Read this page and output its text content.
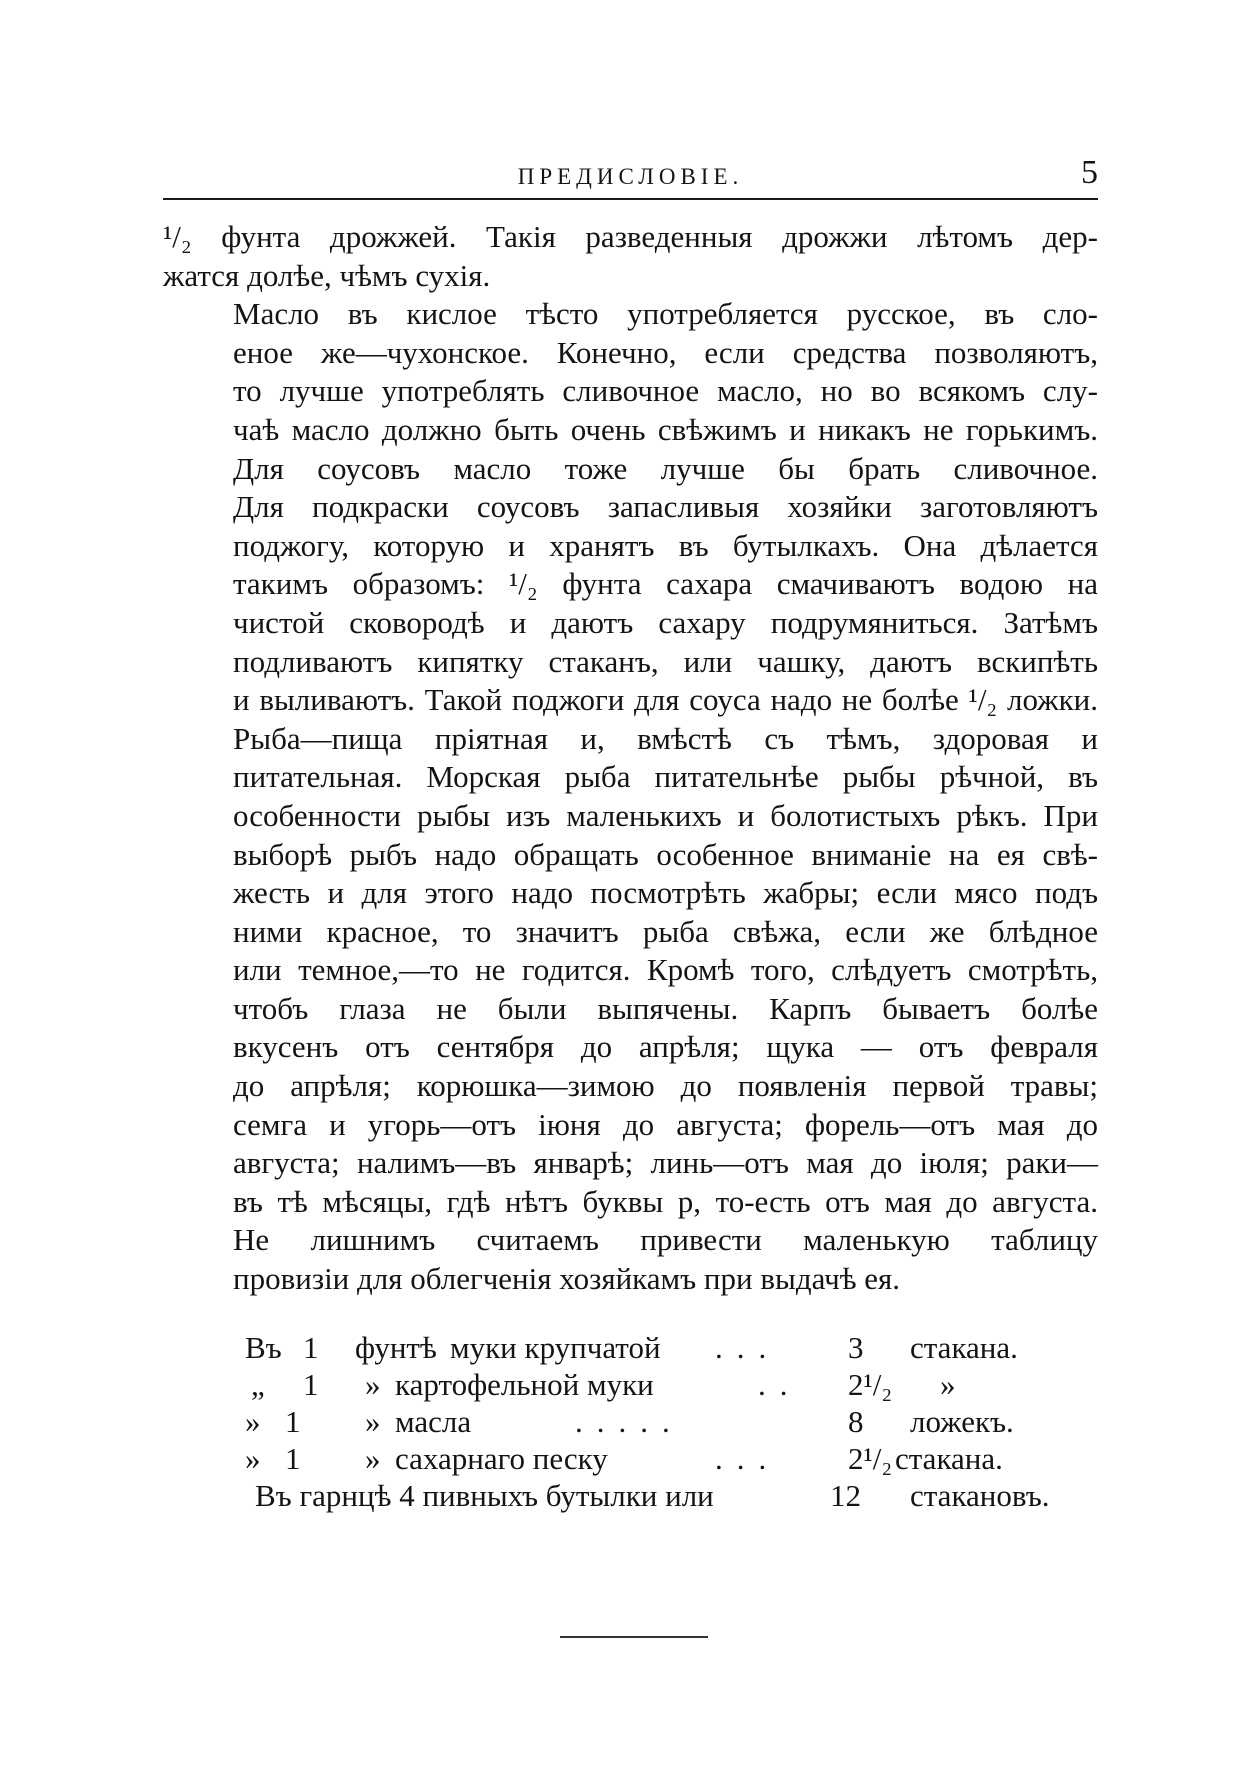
ПРЕДИСЛОВІЕ.	5

¹/₂ фунта дрожжей. Такія разведенныя дрожжи лѣтомъ дер-
жатся долѣе, чѣмъ сухія.

Масло въ кислое тѣсто употребляется русское, въ сло-
еное же—чухонское. Конечно, если средства позволяютъ,
то лучше употреблять сливочное масло, но во всякомъ слу-
чаѣ масло должно быть очень свѣжимъ и никакъ не горькимъ.

Для соусовъ масло тоже лучше бы брать сливочное.
Для подкраски соусовъ запасливыя хозяйки заготовляютъ
поджогу, которую и хранятъ въ бутылкахъ. Она дѣлается
такимъ образомъ: ¹/₂ фунта сахара смачиваютъ водою на
чистой сковородѣ и даютъ сахару подрумяниться. Затѣмъ
подливаютъ кипятку стаканъ, или чашку, даютъ вскипѣть
и выливаютъ. Такой поджоги для соуса надо не болѣе ¹/₂ ложки.

Рыба—пища пріятная и, вмѣстѣ съ тѣмъ, здоровая и
питательная. Морская рыба питательнѣе рыбы рѣчной, въ
особенности рыбы изъ маленькихъ и болотистыхъ рѣкъ. При
выборѣ рыбъ надо обращать особенное вниманіе на ея свѣ-
жесть и для этого надо посмотрѣть жабры; если мясо подъ
ними красное, то значитъ рыба свѣжа, если же блѣдное
или темное,—то не годится. Кромѣ того, слѣдуетъ смотрѣть,
чтобъ глаза не были выпячены. Карпъ бываетъ болѣе
вкусенъ отъ сентября до апрѣля; щука — отъ февраля
до апрѣля; корюшка—зимою до появленія первой травы;
семга и угорь—отъ іюня до августа; форель—отъ мая до
августа; налимъ—въ январѣ; линь—отъ мая до іюля; раки—
въ тѣ мѣсяцы, гдѣ нѣтъ буквы р, то-есть отъ мая до августа.

Не лишнимъ считаемъ привести маленькую таблицу
провизіи для облегченія хозяйкамъ при выдачѣ ея.

Въ 1 фунтѣ муки крупчатой ... 3 стакана.
„ 1 » картофельной муки	.. 2¹/₂ »
» 1 » масла	.....	8 ложекъ.
» 1 » сахарнаго песку	... 2¹/₂ стакана.
Въ гарнцѣ 4 пивныхъ бутылки или	12 стакановъ.
